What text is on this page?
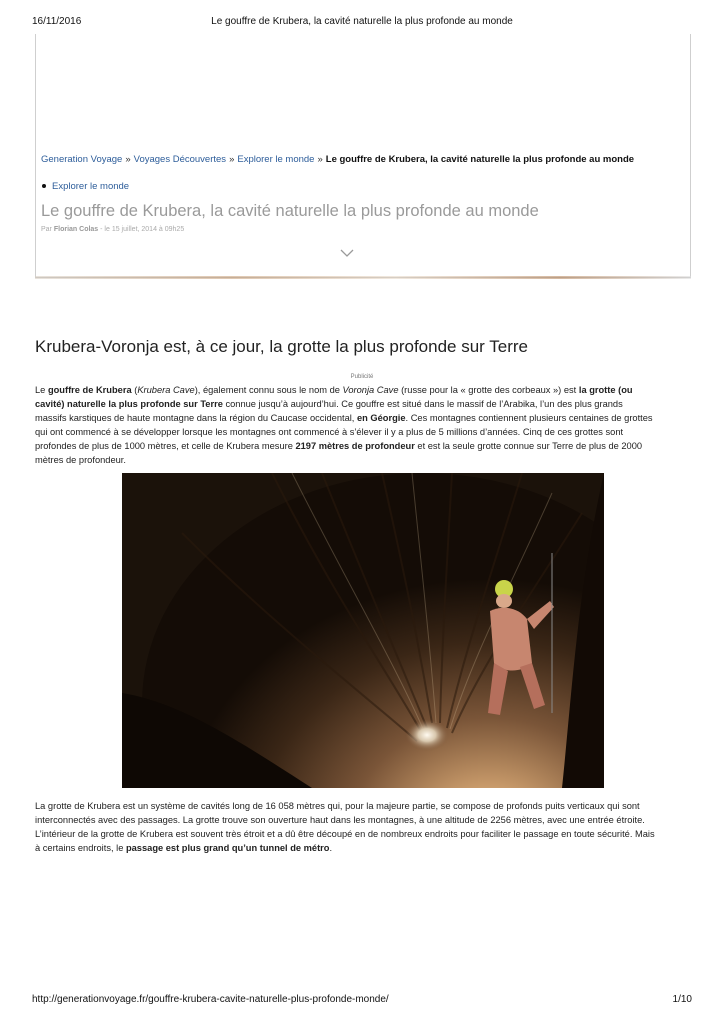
16/11/2016	Le gouffre de Krubera, la cavité naturelle la plus profonde au monde
Generation Voyage » Voyages Découvertes » Explorer le monde » Le gouffre de Krubera, la cavité naturelle la plus profonde au monde
Explorer le monde
Le gouffre de Krubera, la cavité naturelle la plus profonde au monde
Par Florian Colas - le 15 juillet, 2014 à 09h25
Krubera-Voronja est, à ce jour, la grotte la plus profonde sur Terre
Publicité

Le gouffre de Krubera (Krubera Cave), également connu sous le nom de Voronja Cave (russe pour la « grotte des corbeaux ») est la grotte (ou

cavité) naturelle la plus profonde sur Terre connue jusqu’à aujourd’hui. Ce gouffre est situé dans le massif de l’Arabika, l’un des plus grands

massifs karstiques de haute montagne dans la région du Caucase occidental, en Géorgie. Ces montagnes contiennent plusieurs centaines de grottes

qui ont commencé à se développer lorsque les montagnes ont commencé à s’élever il y a plus de 5 millions d’années. Cinq de ces grottes sont

profondes de plus de 1000 mètres, et celle de Krubera mesure 2197 mètres de profondeur et est la seule grotte connue sur Terre de plus de 2000

mètres de profondeur.

La grotte de Krubera est un système de cavités long de 16 058 mètres qui, pour la majeure partie, se compose de profonds puits verticaux qui sont

interconnectés avec des passages. La grotte trouve son ouverture haut dans les montagnes, à une altitude de 2256 mètres, avec une entrée étroite.

L’intérieur de la grotte de Krubera est souvent très étroit et a dû être découpé en de nombreux endroits pour faciliter le passage en toute sécurité. Mais

à certains endroits, le passage est plus grand qu’un tunnel de métro.

http://generationvoyage.fr/gouffre-krubera-cavite-naturelle-plus-profonde-monde/	1/10
